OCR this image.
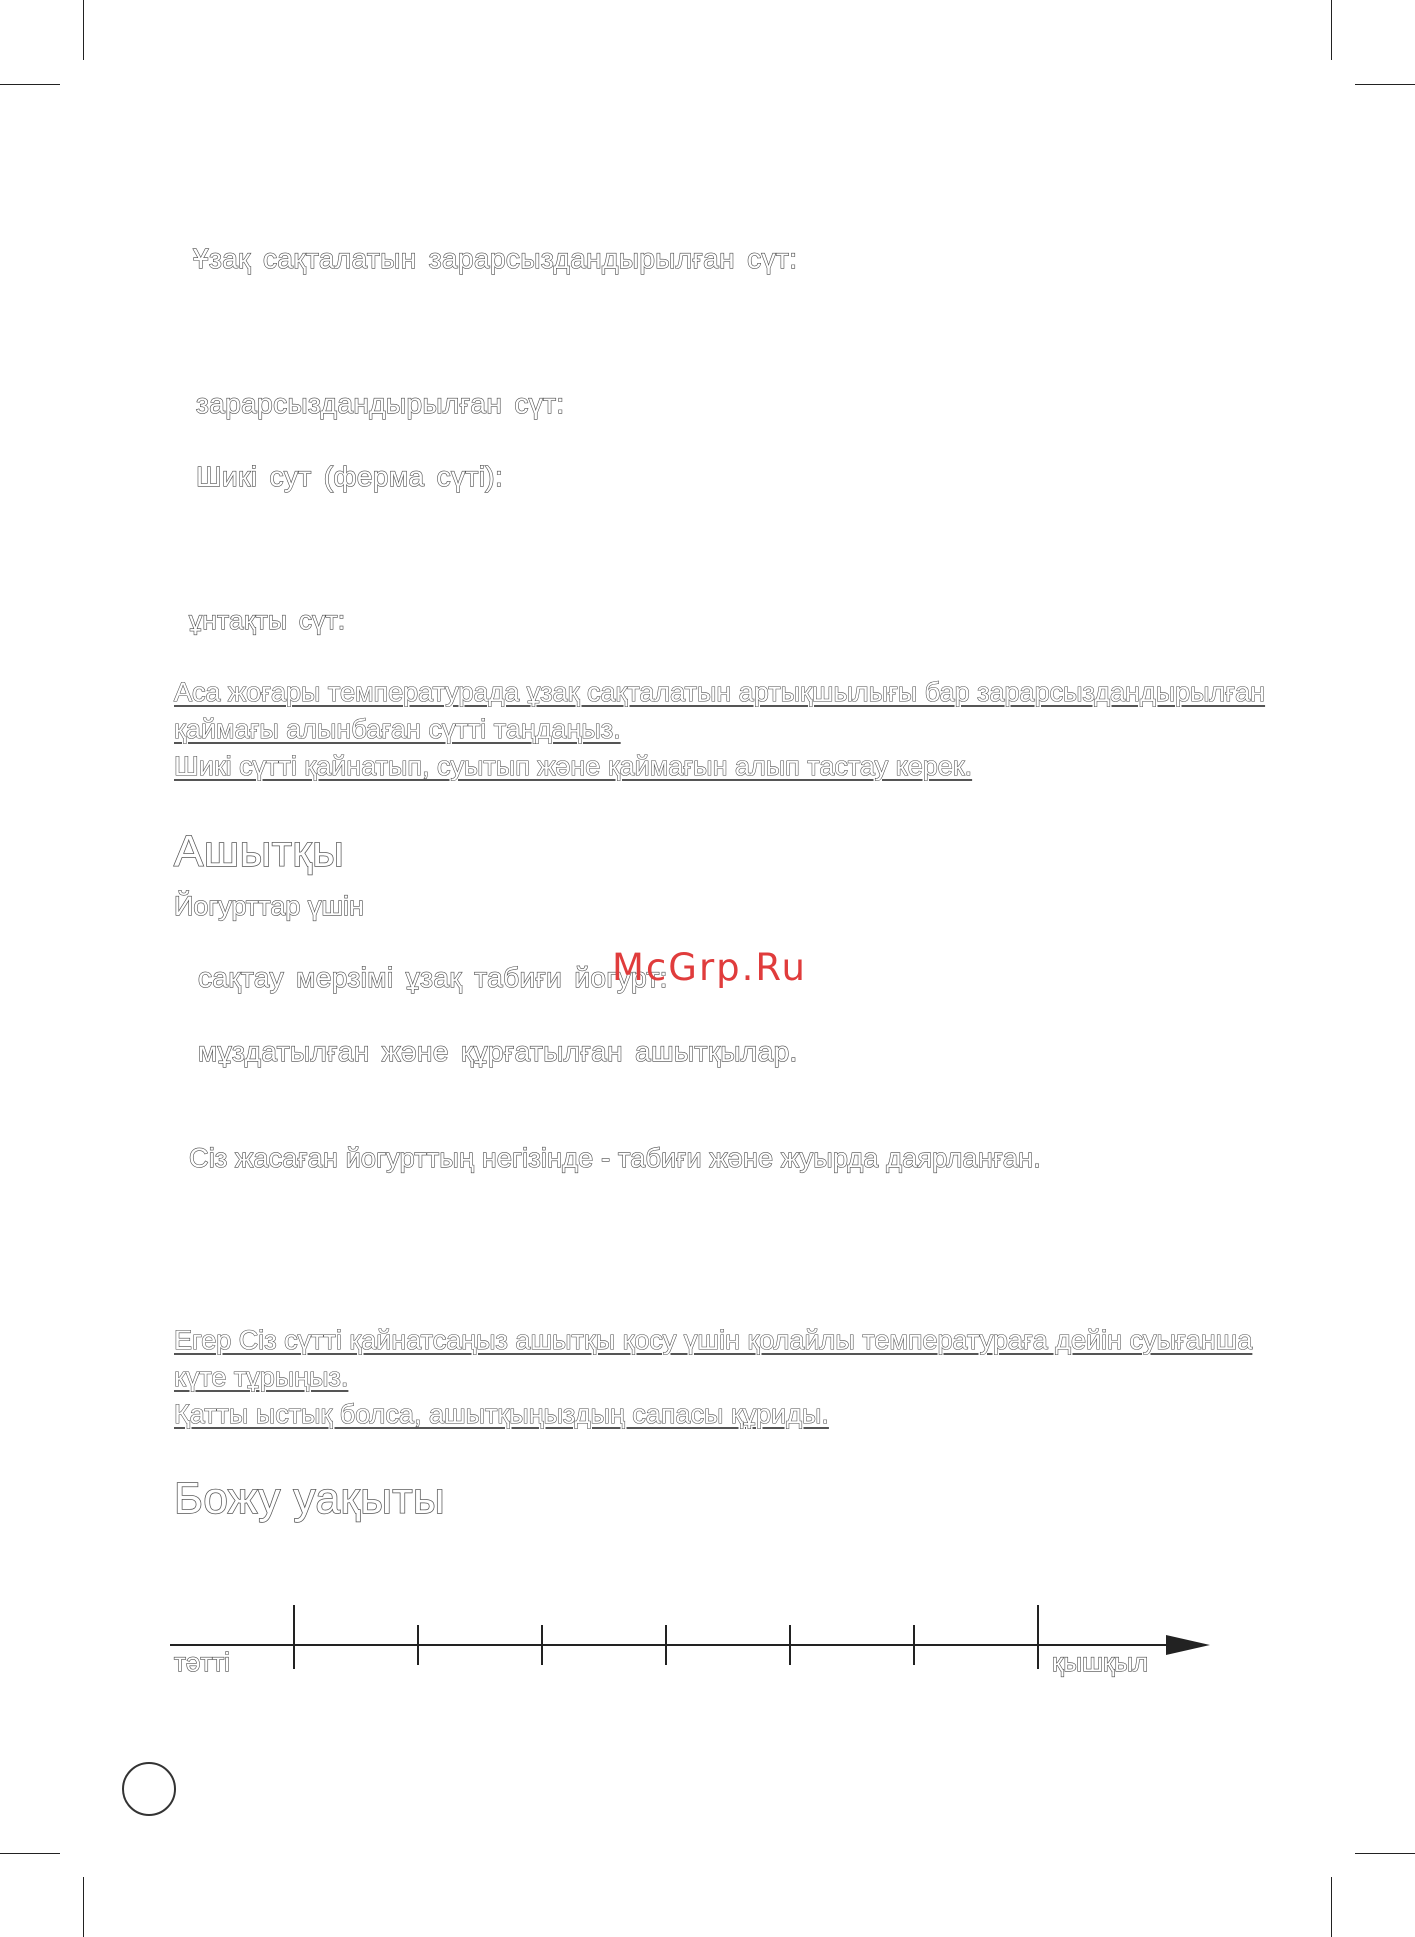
Ұзақ сақталатын зарарсыздандырылған сүт:

зарарсыздандырылған сүт:

Шикі сут (ферма сүті):

ұнтақты сүт:

Аса жоғары температурада ұзақ сақталатын артықшылығы бар зарарсыздандырылған
қаймағы алынбаған сүтті таңдаңыз.
Шикі сүтті қайнатып, суытып және қаймағын алып тастау керек.
Ашытқы

Йогурттар үшін

сақтау мерзімі ұзақ табиғи йогурт:

мұздатылған және құрғатылған ашытқылар.

Сіз жасаған йогурттың негізінде - табиғи және жуырда даярланған.

Егер Сіз сүтті қайнатсаңыз ашытқы қосу үшін қолайлы температураға дейін суығанша
күте тұрыңыз.
Қатты ыстық болса, ашытқыңыздың сапасы құриды.
Божу уақыты
тәтті	қышқыл

McGrp.Ru
